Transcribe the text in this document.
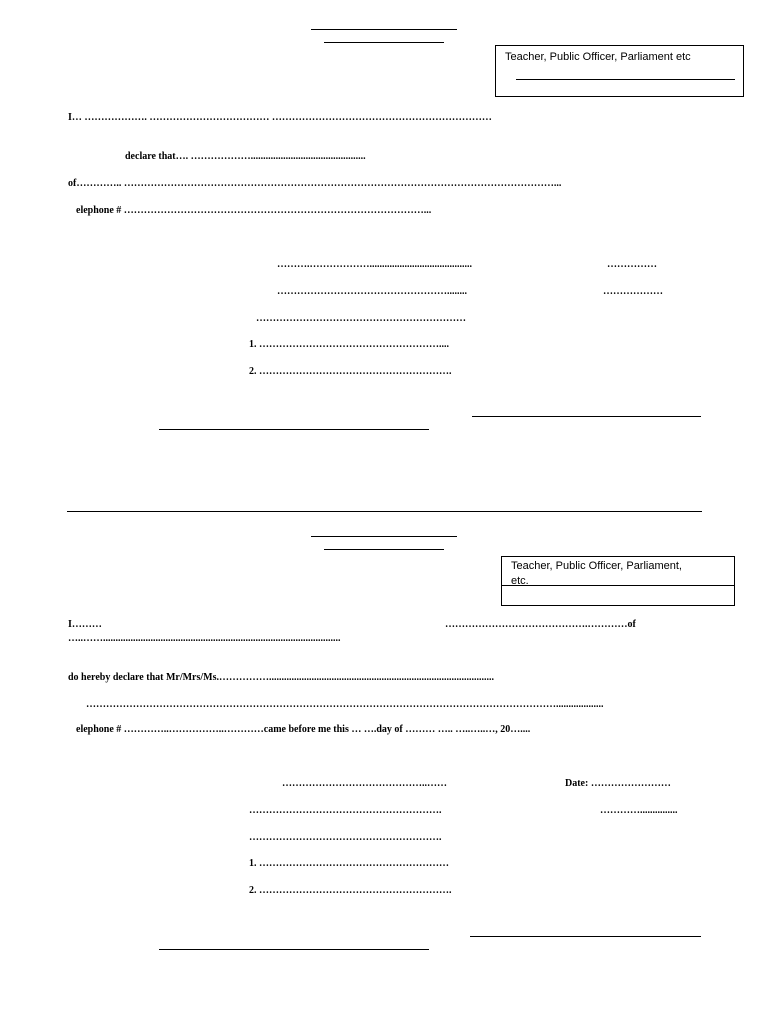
Teacher, Public Officer, Parliament etc
I… ………………. ……………………………… …………………………………………………………
declare that…. ………………..............................................
of………….. …………………………………………………………………………………………………………………...
elephone # ………………………………………………………………………………...
……….……………….........................................	……………
……………………………………………........	………………
………………………………………………………
1. ………………………………………………....
2. ………………………………………………….
Teacher, Public Officer, Parliament,
etc.
I………	…………………………………….…………of
…..……...............................................................................................
do hereby declare that Mr/Mrs/Ms.……………..........................................................................................
……………………………………………………………………………………………………………………………...................
elephone # …………..……………..…………came before me this … ….day of ……… ….. …..…..…, 20…....
……………………………………..……	Date: ……………………
………………………………………………….	…………...............
………………………………………………….
1. …………………………………………………
2. ………………………………………………….
